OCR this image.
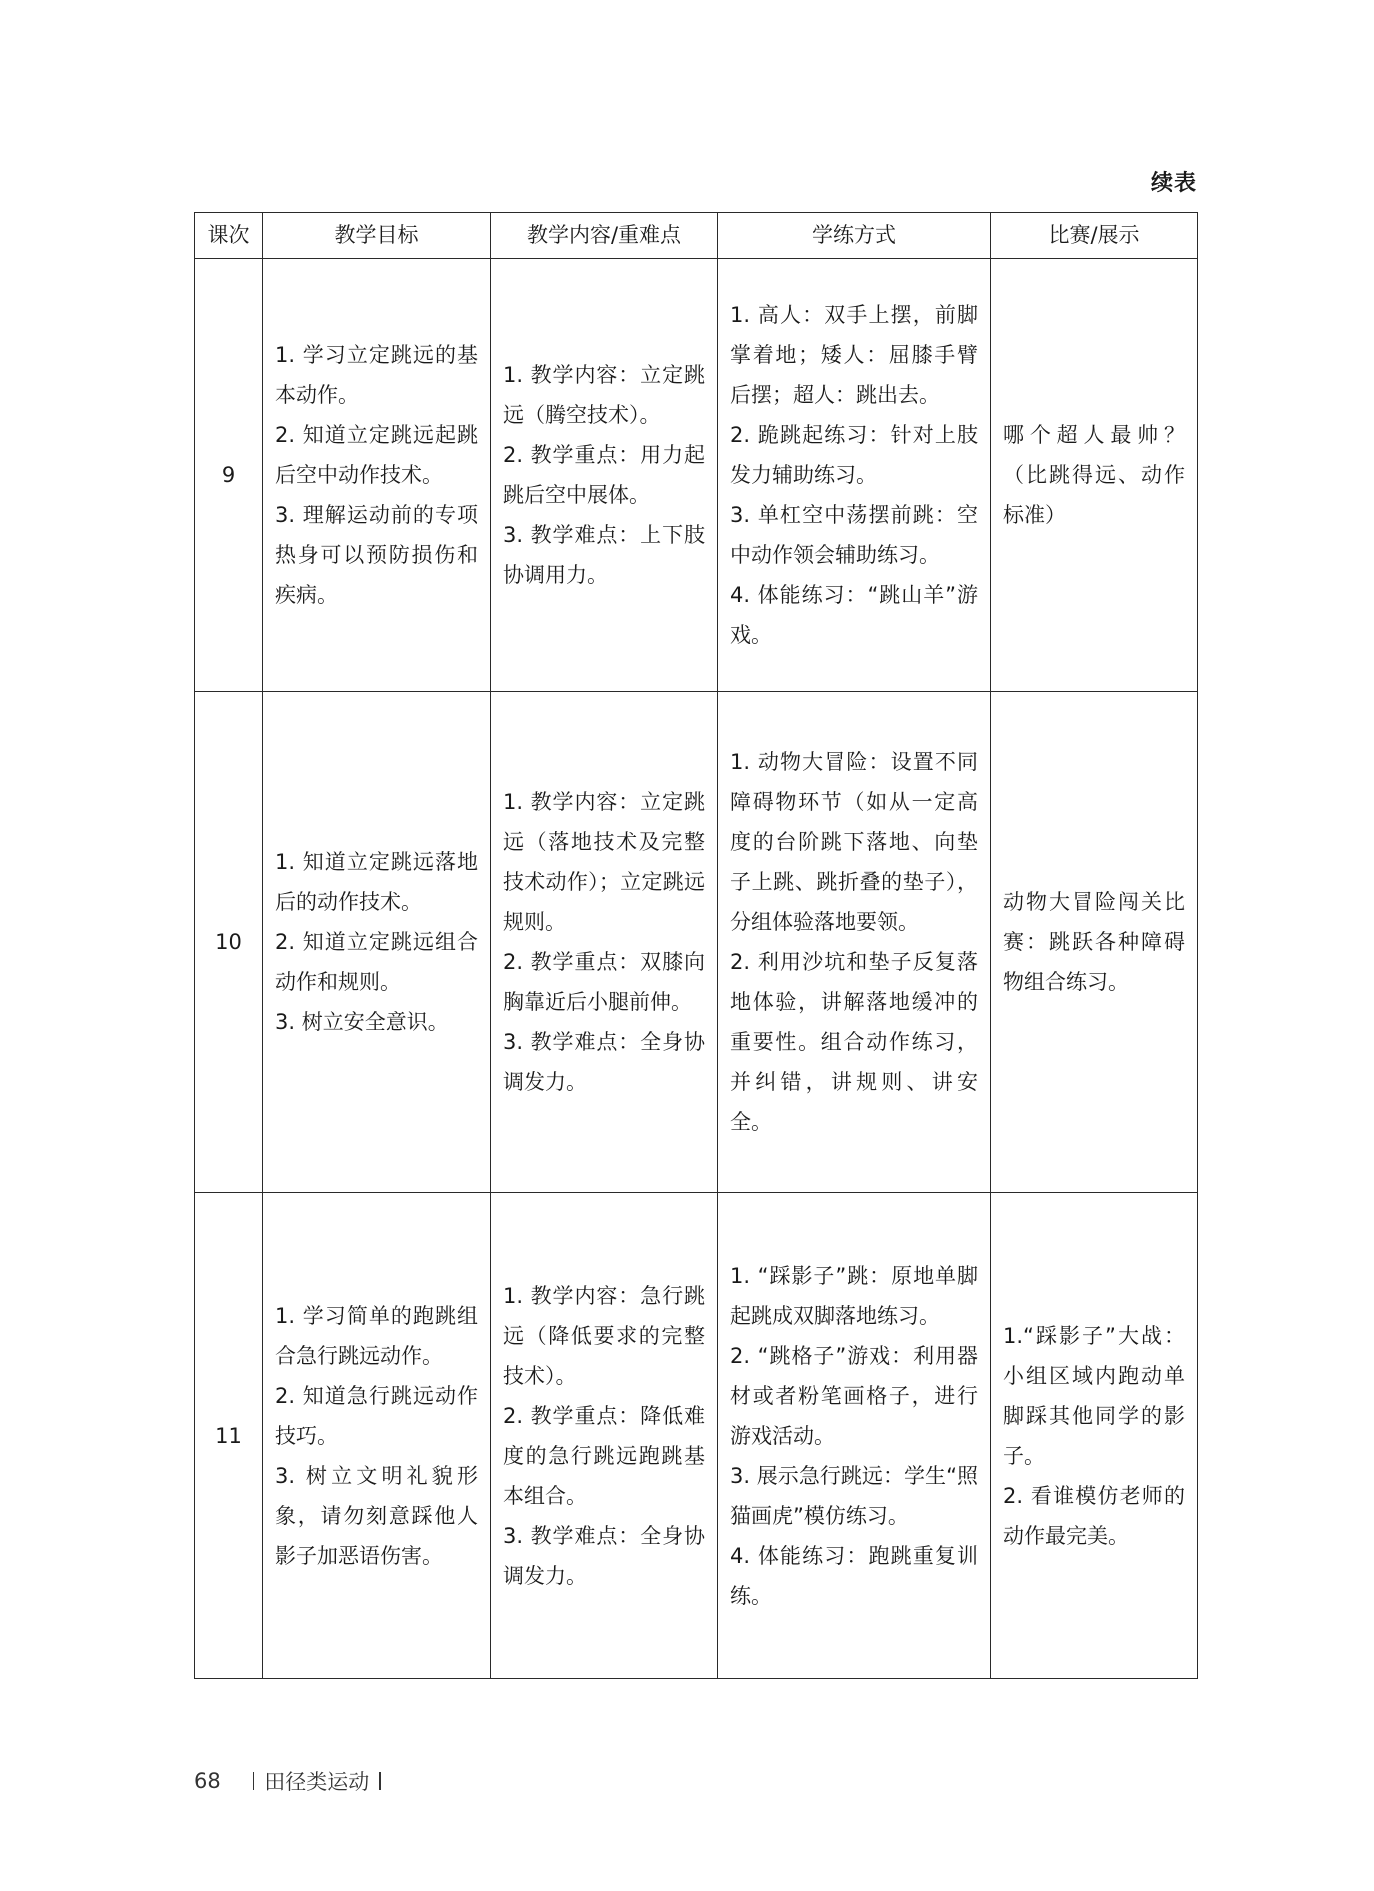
续表
课次	教学目标	教学内容/重难点	学练方式	比赛/展示
9	1. 学习立定跳远的基本动作。
2. 知道立定跳远起跳后空中动作技术。
3. 理解运动前的专项热身可以预防损伤和疾病。	1. 教学内容：立定跳远（腾空技术）。
2. 教学重点：用力起跳后空中展体。
3. 教学难点：上下肢协调用力。	1. 高人：双手上摆，前脚掌着地；矮人：屈膝手臂后摆；超人：跳出去。
2. 跪跳起练习：针对上肢发力辅助练习。
3. 单杠空中荡摆前跳：空中动作领会辅助练习。
4. 体能练习：“跳山羊”游戏。	哪个超人最帅？（比跳得远、动作标准）

10	1. 知道立定跳远落地后的动作技术。
2. 知道立定跳远组合动作和规则。
3. 树立安全意识。	1. 教学内容：立定跳远（落地技术及完整技术动作）；立定跳远规则。
2. 教学重点：双膝向胸靠近后小腿前伸。
3. 教学难点：全身协调发力。	1. 动物大冒险：设置不同障碍物环节（如从一定高度的台阶跳下落地、向垫子上跳、跳折叠的垫子），分组体验落地要领。
2. 利用沙坑和垫子反复落地体验，讲解落地缓冲的重要性。组合动作练习，并纠错，讲规则、讲安全。	动物大冒险闯关比赛：跳跃各种障碍物组合练习。

11	1. 学习简单的跑跳组合急行跳远动作。
2. 知道急行跳远动作技巧。
3. 树立文明礼貌形象，请勿刻意踩他人影子加恶语伤害。	1. 教学内容：急行跳远（降低要求的完整技术）。
2. 教学重点：降低难度的急行跳远跑跳基本组合。
3. 教学难点：全身协调发力。	1. “踩影子”跳：原地单脚起跳成双脚落地练习。
2. “跳格子”游戏：利用器材或者粉笔画格子，进行游戏活动。
3. 展示急行跳远：学生“照猫画虎”模仿练习。
4. 体能练习：跑跳重复训练。	1.“踩影子”大战：小组区域内跑动单脚踩其他同学的影子。
2. 看谁模仿老师的动作最完美。
68 田径类运动
